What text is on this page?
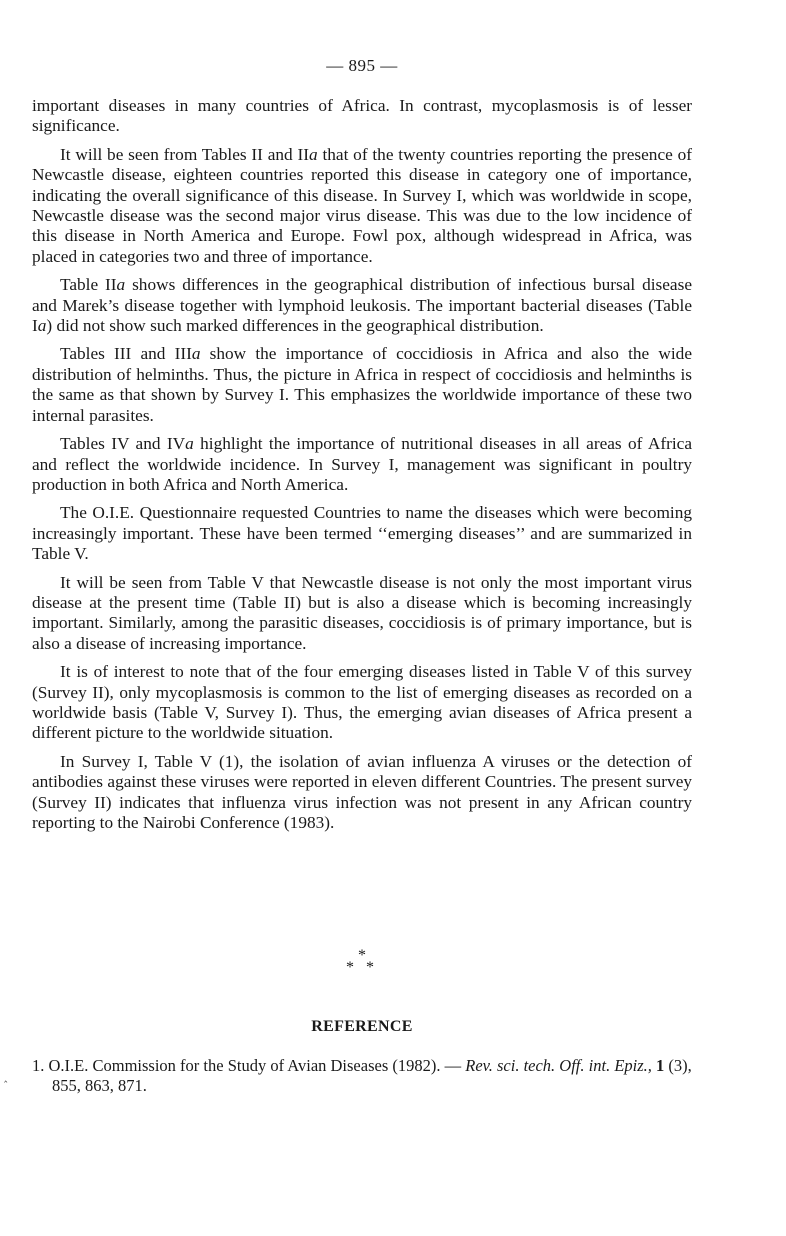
— 895 —

important diseases in many countries of Africa. In contrast, mycoplasmosis is of lesser significance.

It will be seen from Tables II and IIa that of the twenty countries reporting the presence of Newcastle disease, eighteen countries reported this disease in category one of importance, indicating the overall significance of this disease. In Survey I, which was worldwide in scope, Newcastle disease was the second major virus disease. This was due to the low incidence of this disease in North America and Europe. Fowl pox, although widespread in Africa, was placed in categories two and three of importance.

Table IIa shows differences in the geographical distribution of infectious bursal disease and Marek’s disease together with lymphoid leukosis. The important bacterial diseases (Table Ia) did not show such marked differences in the geographical distribution.

Tables III and IIIa show the importance of coccidiosis in Africa and also the wide distribution of helminths. Thus, the picture in Africa in respect of coccidiosis and helminths is the same as that shown by Survey I. This emphasizes the worldwide importance of these two internal parasites.

Tables IV and IVa highlight the importance of nutritional diseases in all areas of Africa and reflect the worldwide incidence. In Survey I, management was significant in poultry production in both Africa and North America.

The O.I.E. Questionnaire requested Countries to name the diseases which were becoming increasingly important. These have been termed ‘‘emerging diseases’’ and are summarized in Table V.

It will be seen from Table V that Newcastle disease is not only the most important virus disease at the present time (Table II) but is also a disease which is becoming increasingly important. Similarly, among the parasitic diseases, coccidiosis is of primary importance, but is also a disease of increasing importance.

It is of interest to note that of the four emerging diseases listed in Table V of this survey (Survey II), only mycoplasmosis is common to the list of emerging diseases as recorded on a worldwide basis (Table V, Survey I). Thus, the emerging avian diseases of Africa present a different picture to the worldwide situation.

In Survey I, Table V (1), the isolation of avian influenza A viruses or the detection of antibodies against these viruses were reported in eleven different Countries. The present survey (Survey II) indicates that influenza virus infection was not present in any African country reporting to the Nairobi Conference (1983).

*
* *
REFERENCE
1. O.I.E. Commission for the Study of Avian Diseases (1982). — Rev. sci. tech. Off. int. Epiz., 1 (3), 855, 863, 871.
‸
